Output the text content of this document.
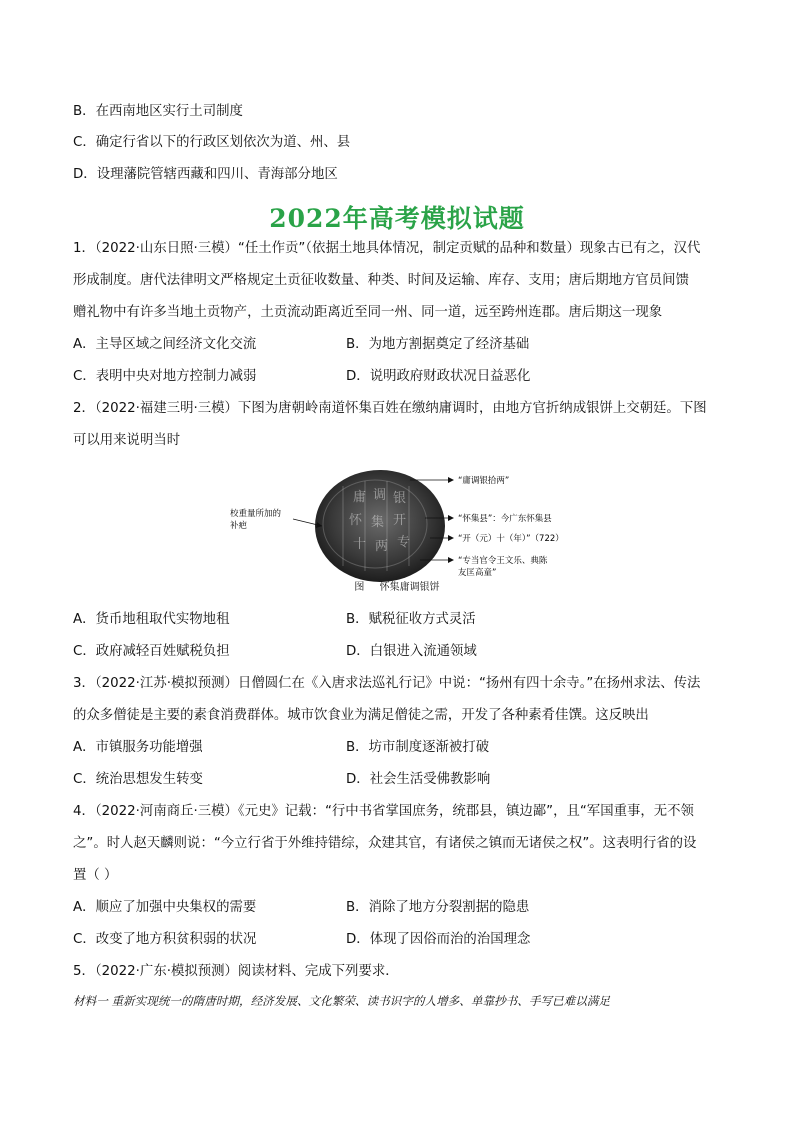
B．在西南地区实行土司制度
C．确定行省以下的行政区划依次为道、州、县
D．设理藩院管辖西藏和四川、青海部分地区
2022年高考模拟试题
1．（2022·山东日照·三模）“任土作贡”（依据土地具体情况，制定贡赋的品种和数量）现象古已有之，汉代
形成制度。唐代法律明文严格规定土贡征收数量、种类、时间及运输、库存、支用；唐后期地方官员间馈
赠礼物中有许多当地土贡物产，土贡流动距离近至同一州、同一道，远至跨州连郡。唐后期这一现象
A．主导区域之间经济文化交流	B．为地方割据奠定了经济基础
C．表明中央对地方控制力减弱	D．说明政府财政状况日益恶化
2．（2022·福建三明·三模）下图为唐朝岭南道怀集百姓在缴纳庸调时，由地方官折纳成银饼上交朝廷。下图
可以用来说明当时
庸 调 银
怀 集 开
十 两 专
校重量所加的
补疤
“庸调银拾两”
“怀集县”：今广东怀集县
“开（元）十（年）”（722）
“专当官令王文乐、典陈
友匡高童”
图 怀集庸调银饼
A．货币地租取代实物地租	B．赋税征收方式灵活
C．政府减轻百姓赋税负担	D．白银进入流通领域
3．（2022·江苏·模拟预测）日僧圆仁在《入唐求法巡礼行记》中说：“扬州有四十余寺。”在扬州求法、传法
的众多僧徒是主要的素食消费群体。城市饮食业为满足僧徒之需，开发了各种素肴佳馔。这反映出
A．市镇服务功能增强	B．坊市制度逐渐被打破
C．统治思想发生转变	D．社会生活受佛教影响
4．（2022·河南商丘·三模）《元史》记载：“行中书省掌国庶务，统郡县，镇边鄙”，且“军国重事，无不领
之”。时人赵天麟则说：“今立行省于外维持错综，众建其官，有诸侯之镇而无诸侯之权”。这表明行省的设
置（ ）
A．顺应了加强中央集权的需要	B．消除了地方分裂割据的隐患
C．改变了地方积贫积弱的状况	D．体现了因俗而治的治国理念
5．（2022·广东·模拟预测）阅读材料、完成下列要求．
材料一 重新实现统一的隋唐时期，经济发展、文化繁荣、读书识字的人增多、单靠抄书、手写已难以满足
